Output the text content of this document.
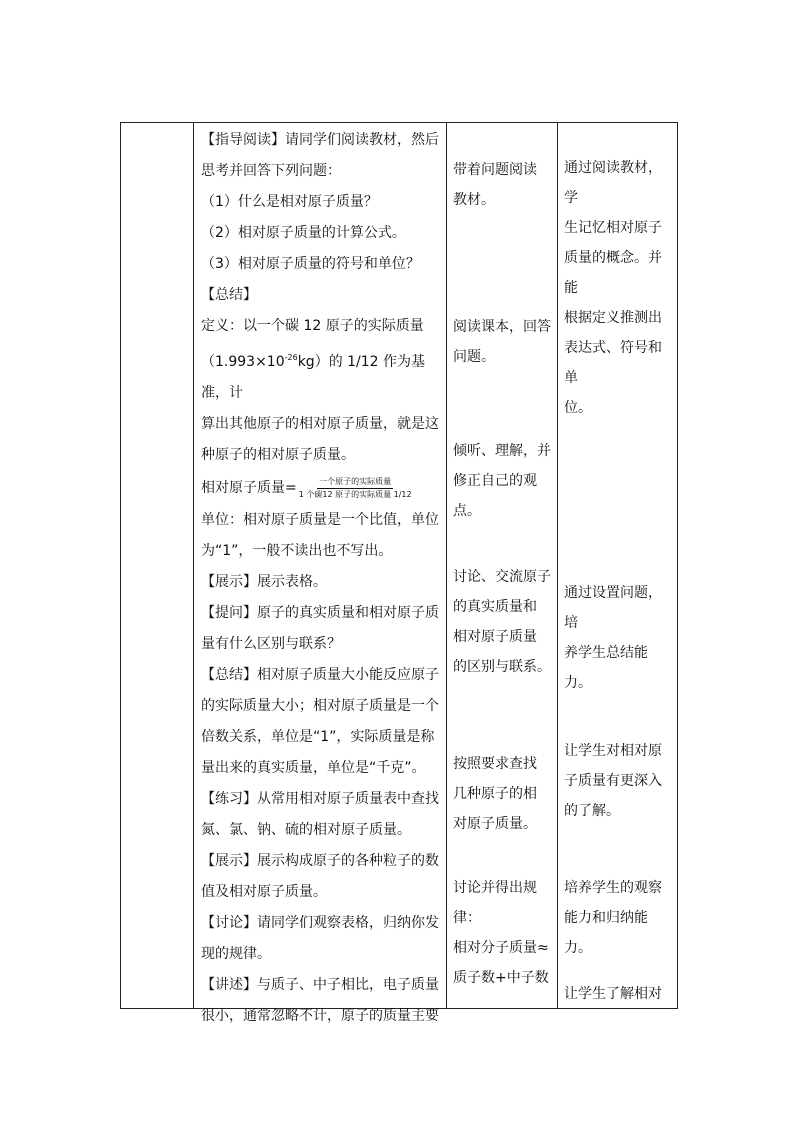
【指导阅读】请同学们阅读教材，然后

思考并回答下列问题：

（1）什么是相对原子质量？

（2）相对原子质量的计算公式。

（3）相对原子质量的符号和单位？

【总结】

定义：以一个碳 12 原子的实际质量

$(1.993\times 10^{-26}kg)$的 1/12 作为基准，计

算出其他原子的相对原子质量，就是这

种原子的相对原子质量。

相对原子质量= $\frac{\text{一个原子的实际质量}}{\text{1 个碳12 原子的实际质量 1/12}}$

单位：相对原子质量是一个比值，单位

为“1”，一般不读出也不写出。

【展示】展示表格。

【提问】原子的真实质量和相对原子质

量有什么区别与联系？

【总结】相对原子质量大小能反应原子

的实际质量大小；相对原子质量是一个

倍数关系，单位是“1”，实际质量是称

量出来的真实质量，单位是“千克”。

【练习】从常用相对原子质量表中查找

氮、氯、钠、硫的相对原子质量。

【展示】展示构成原子的各种粒子的数

值及相对原子质量。

【讨论】请同学们观察表格，归纳你发

现的规律。

【讲述】与质子、中子相比，电子质量

很小，通常忽略不计，原子的质量主要

带着问题阅读

教材。

阅读课本，回答

问题。

倾听、理解，并

修正自己的观

点。

讨论、交流原子

的真实质量和

相对原子质量

的区别与联系。

按照要求查找

几种原子的相

对原子质量。

讨论并得出规

律：

相对分子质量≈

质子数+中子数

通过阅读教材，学

生记忆相对原子

质量的概念。并能

根据定义推测出

表达式、符号和单

位。

通过设置问题，培

养学生总结能力。

让学生对相对原

子质量有更深入

的了解。

培养学生的观察

能力和归纳能力。

让学生了解相对
